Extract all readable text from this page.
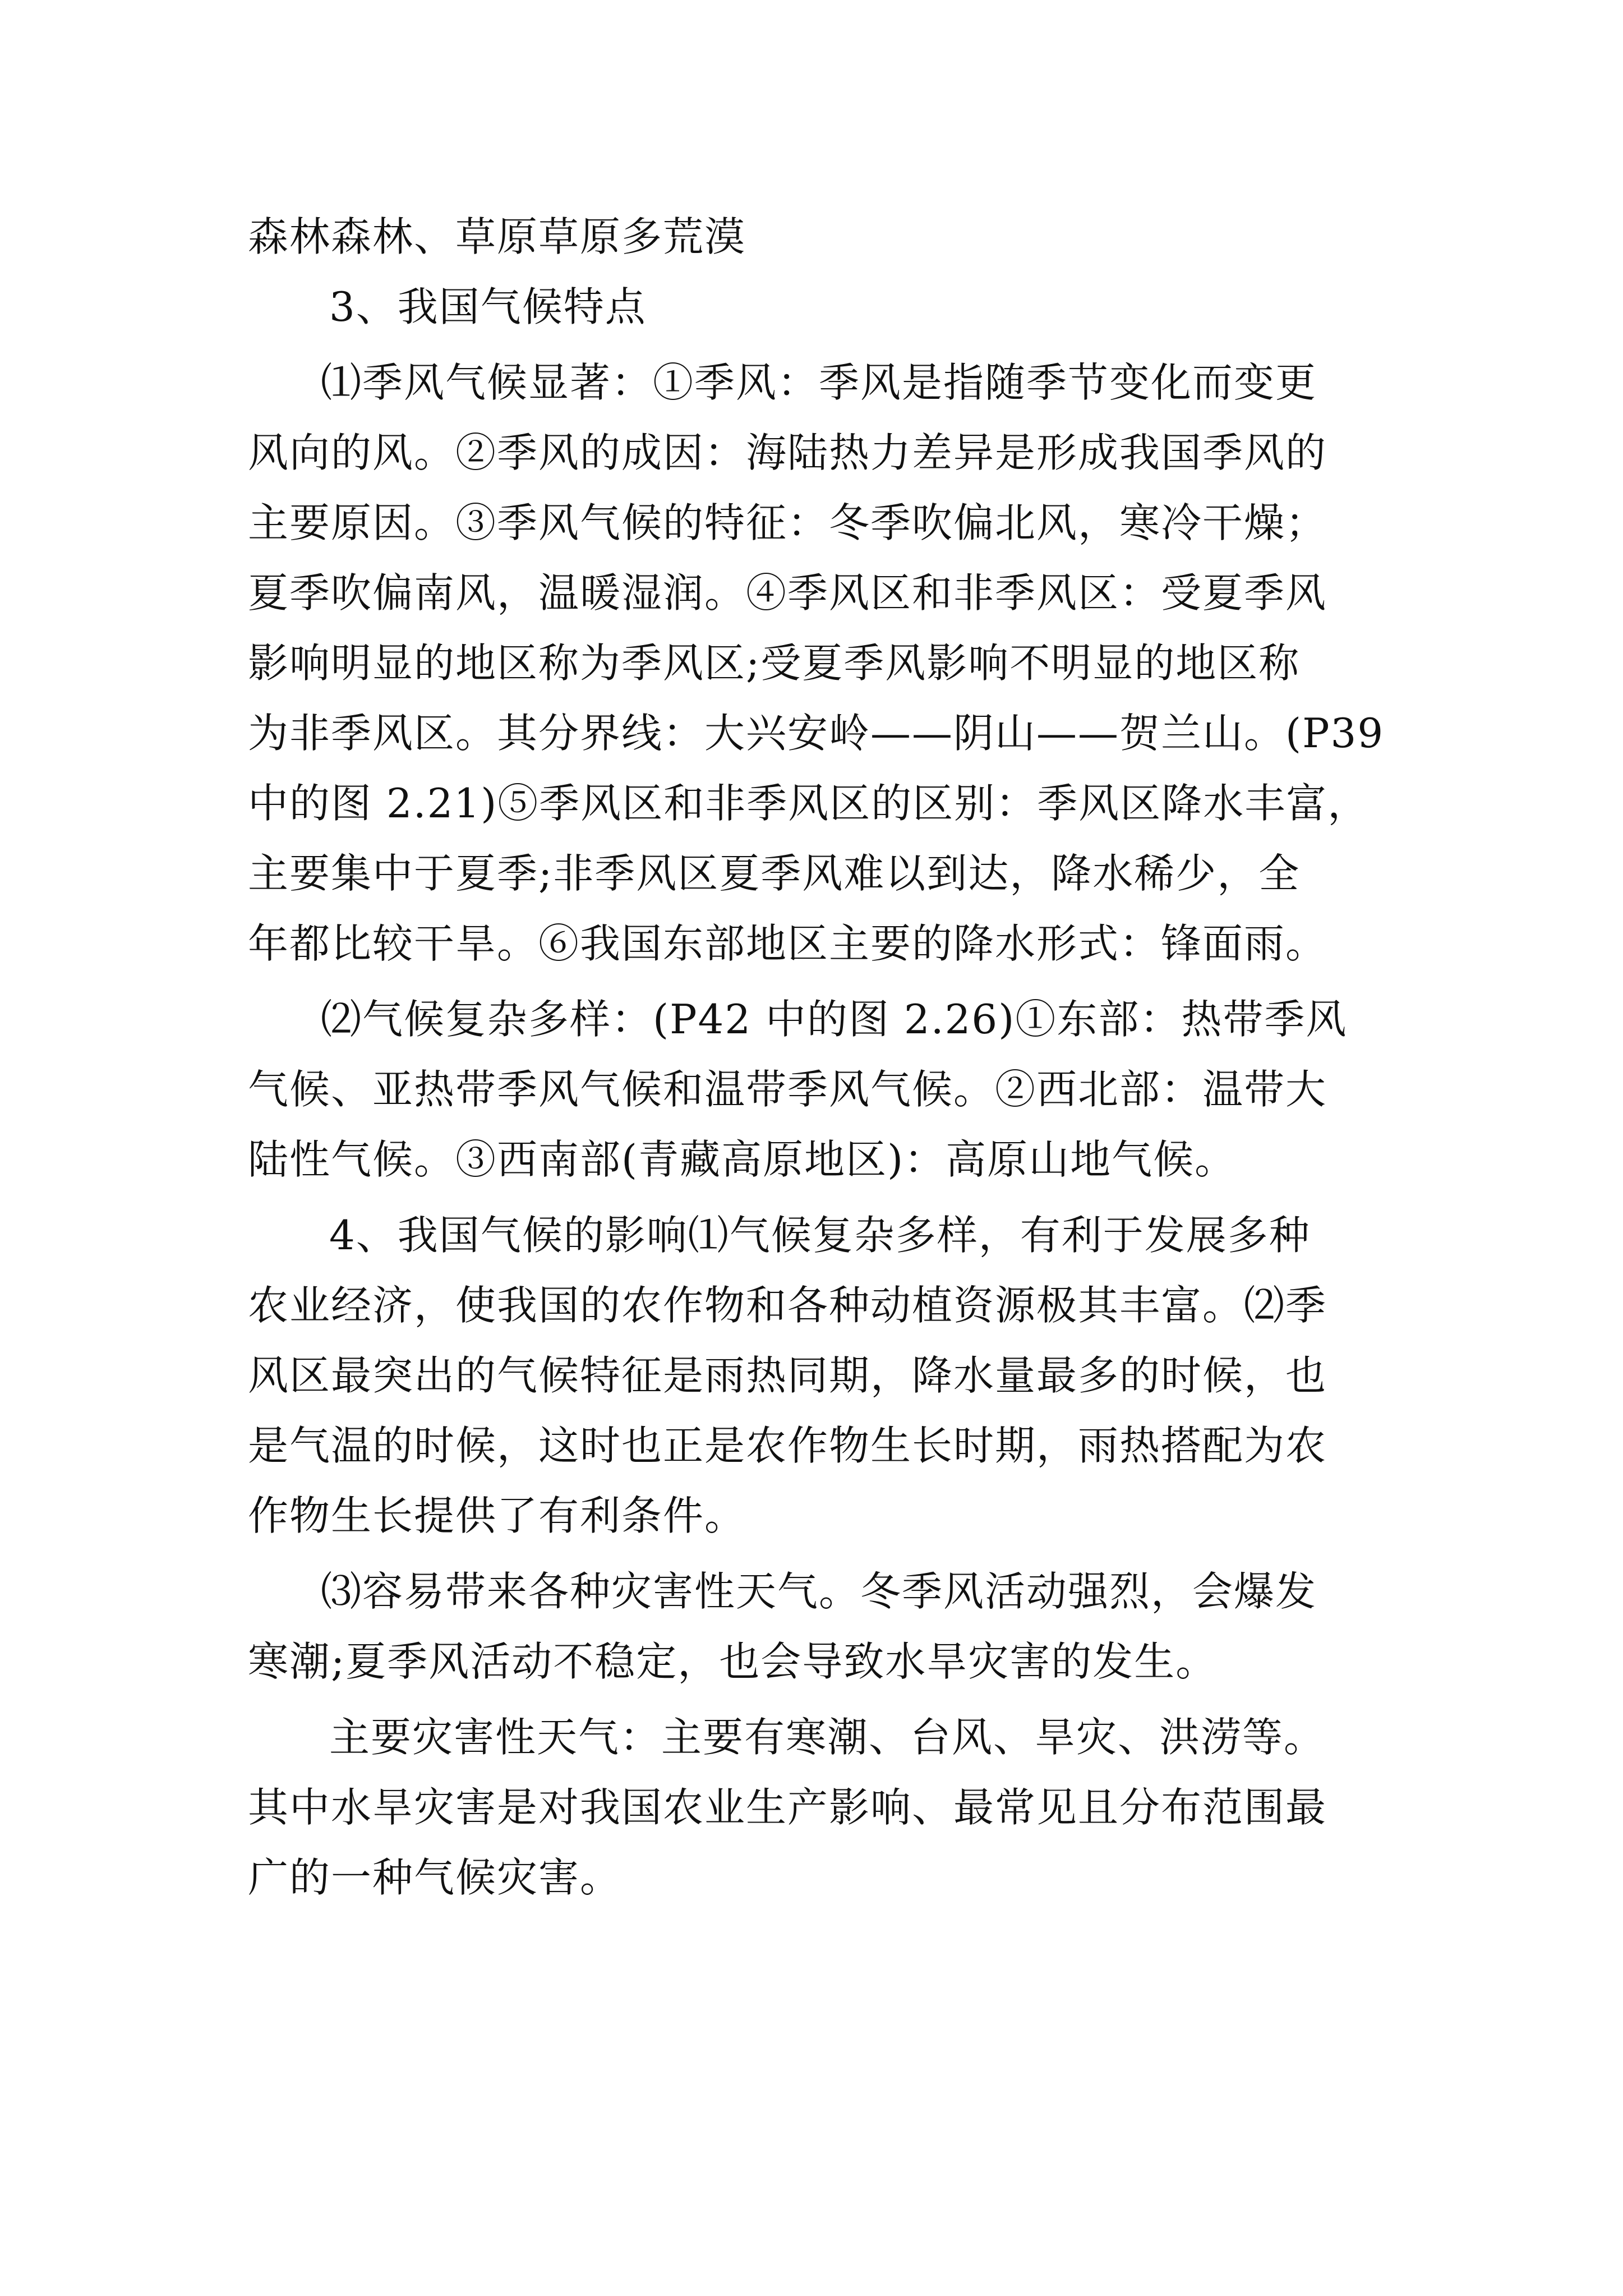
森林森林、草原草原多荒漠
3、我国气候特点
⑴季风气候显著：①季风：季风是指随季节变化而变更
风向的风。②季风的成因：海陆热力差异是形成我国季风的
主要原因。③季风气候的特征：冬季吹偏北风，寒冷干燥；
夏季吹偏南风，温暖湿润。④季风区和非季风区：受夏季风
影响明显的地区称为季风区;受夏季风影响不明显的地区称
为非季风区。其分界线：大兴安岭——阴山——贺兰山。(P39
中的图 2.21)⑤季风区和非季风区的区别：季风区降水丰富，
主要集中于夏季;非季风区夏季风难以到达，降水稀少，全
年都比较干旱。⑥我国东部地区主要的降水形式：锋面雨。
⑵气候复杂多样：(P42 中的图 2.26)①东部：热带季风
气候、亚热带季风气候和温带季风气候。②西北部：温带大
陆性气候。③西南部(青藏高原地区)：高原山地气候。
4、我国气候的影响⑴气候复杂多样，有利于发展多种
农业经济，使我国的农作物和各种动植资源极其丰富。⑵季
风区最突出的气候特征是雨热同期，降水量最多的时候，也
是气温的时候，这时也正是农作物生长时期，雨热搭配为农
作物生长提供了有利条件。
⑶容易带来各种灾害性天气。冬季风活动强烈，会爆发
寒潮;夏季风活动不稳定，也会导致水旱灾害的发生。
主要灾害性天气：主要有寒潮、台风、旱灾、洪涝等。
其中水旱灾害是对我国农业生产影响、最常见且分布范围最
广的一种气候灾害。
